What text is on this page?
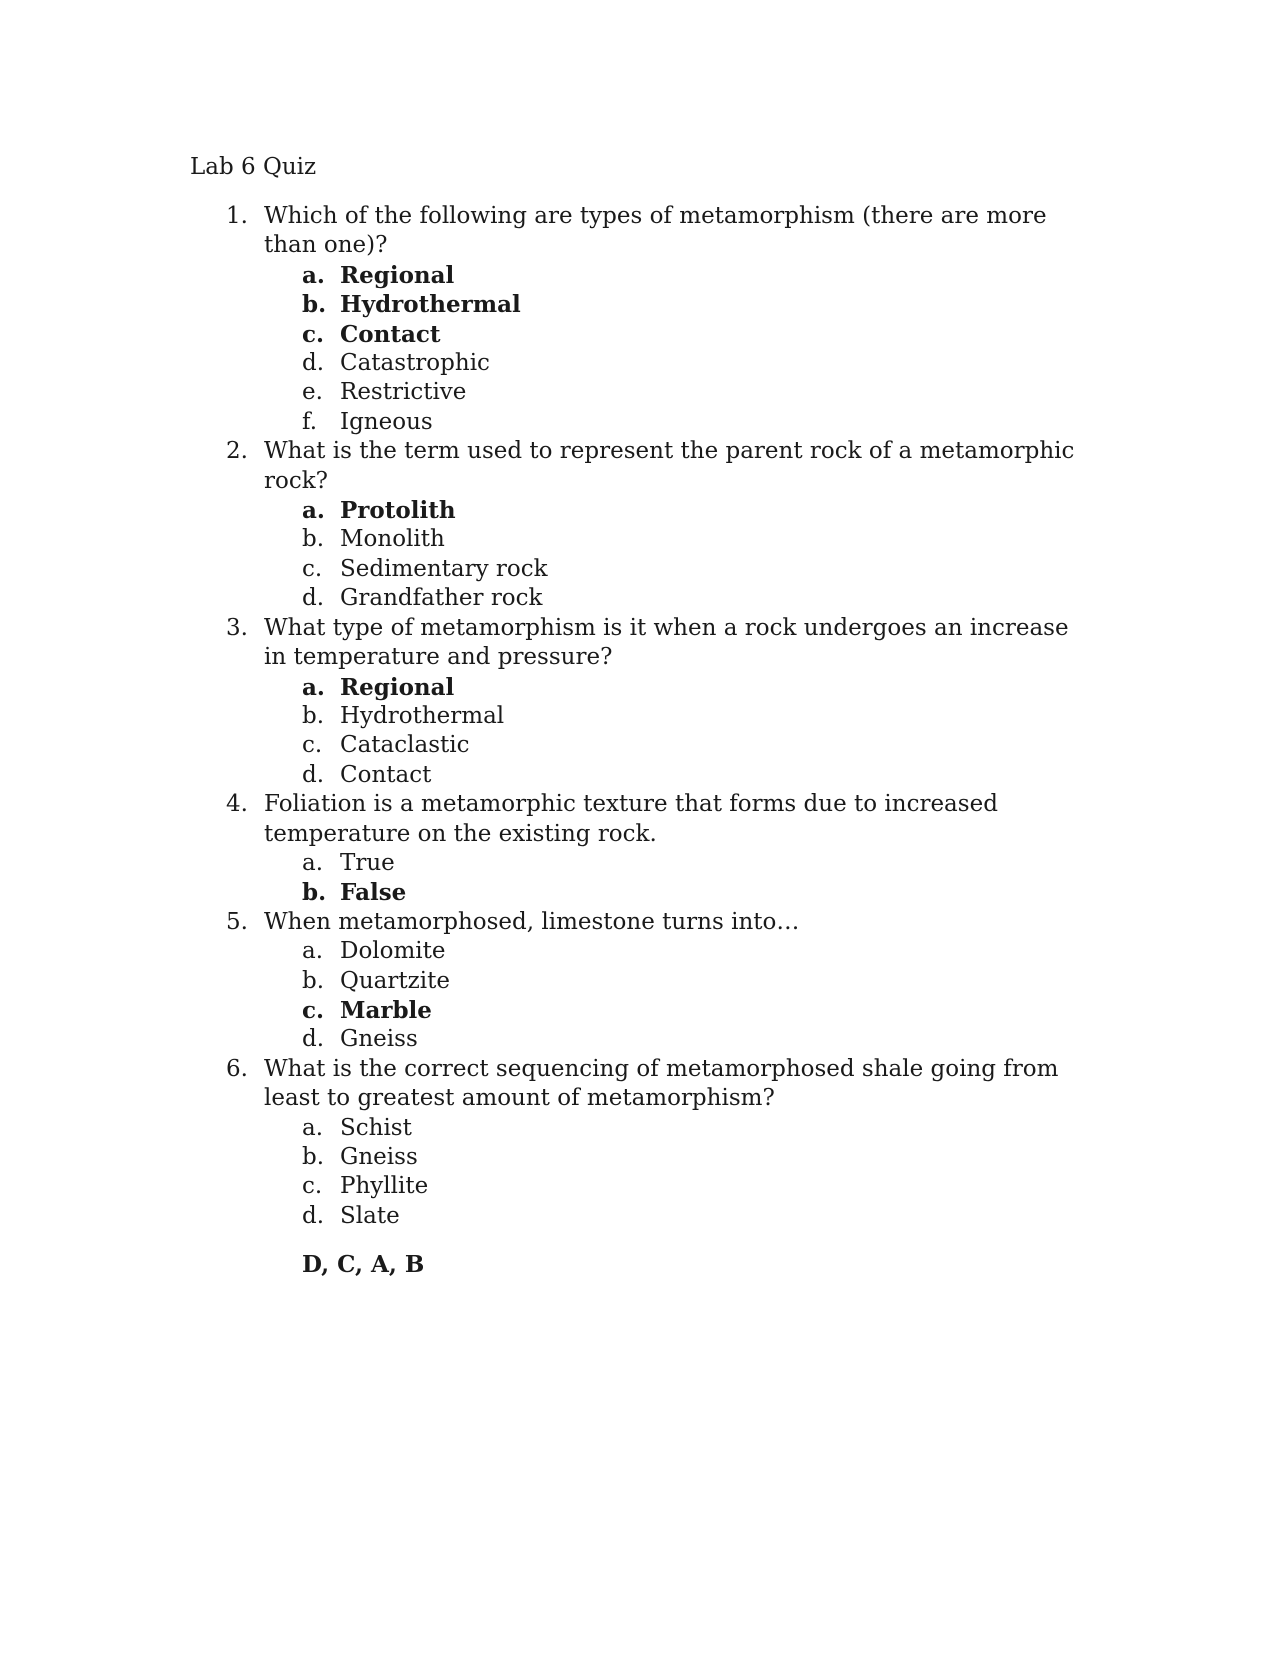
Lab 6 Quiz
1. Which of the following are types of metamorphism (there are more than one)?
a. Regional
b. Hydrothermal
c. Contact
d. Catastrophic
e. Restrictive
f. Igneous
2. What is the term used to represent the parent rock of a metamorphic rock?
a. Protolith
b. Monolith
c. Sedimentary rock
d. Grandfather rock
3. What type of metamorphism is it when a rock undergoes an increase in temperature and pressure?
a. Regional
b. Hydrothermal
c. Cataclastic
d. Contact
4. Foliation is a metamorphic texture that forms due to increased temperature on the existing rock.
a. True
b. False
5. When metamorphosed, limestone turns into…
a. Dolomite
b. Quartzite
c. Marble
d. Gneiss
6. What is the correct sequencing of metamorphosed shale going from least to greatest amount of metamorphism?
a. Schist
b. Gneiss
c. Phyllite
d. Slate
D, C, A, B
